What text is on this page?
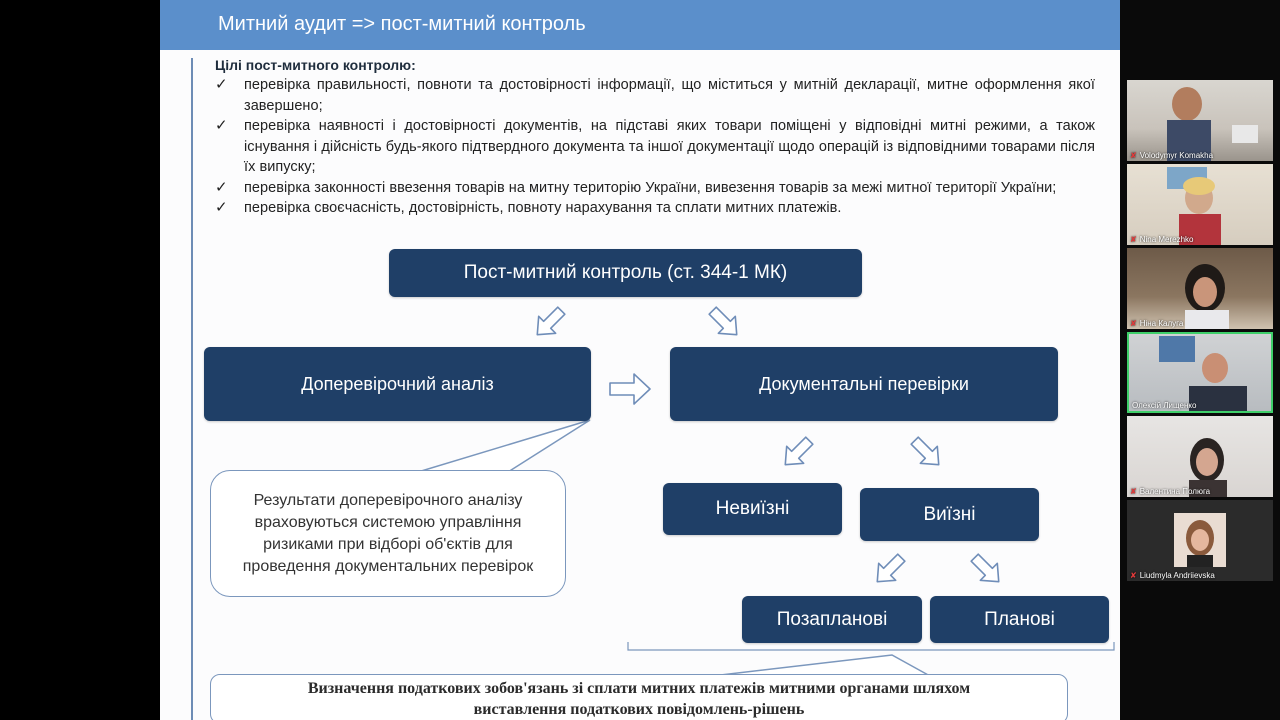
Митний аудит => пост-митний контроль
Цілі пост-митного контролю:
✓ перевірка правильності, повноти та достовірності інформації, що міститься у митній декларації, митне оформлення якої завершено;
✓ перевірка наявності і достовірності документів, на підставі яких товари поміщені у відповідні митні режими, а також існування і дійсність будь-якого підтвердного документа та іншої документації щодо операцій із відповідними товарами після їх випуску;
✓ перевірка законності ввезення товарів на митну територію України, вивезення товарів за межі митної території України;
✓ перевірка своєчасність, достовірність, повноту нарахування та сплати митних платежів.
Пост-митний контроль (ст. 344-1 МК)
Доперевірочний аналіз	Документальні перевірки
Невиїзні	Виїзні
Позапланові	Планові
Результати доперевірочного аналізу
враховуються системою управління
ризиками при відборі об'єктів для
проведення документальних перевірок
Визначення податкових зобов'язань зі сплати митних платежів митними органами шляхом
виставлення податкових повідомлень-рішень
✘ Volodymyr Komakha
✘ Nina Merezhko
✘ Ніна Калуга
Олексій Лищенко
✘ Валентина Полюга
✘ Liudmyla Andriievska
